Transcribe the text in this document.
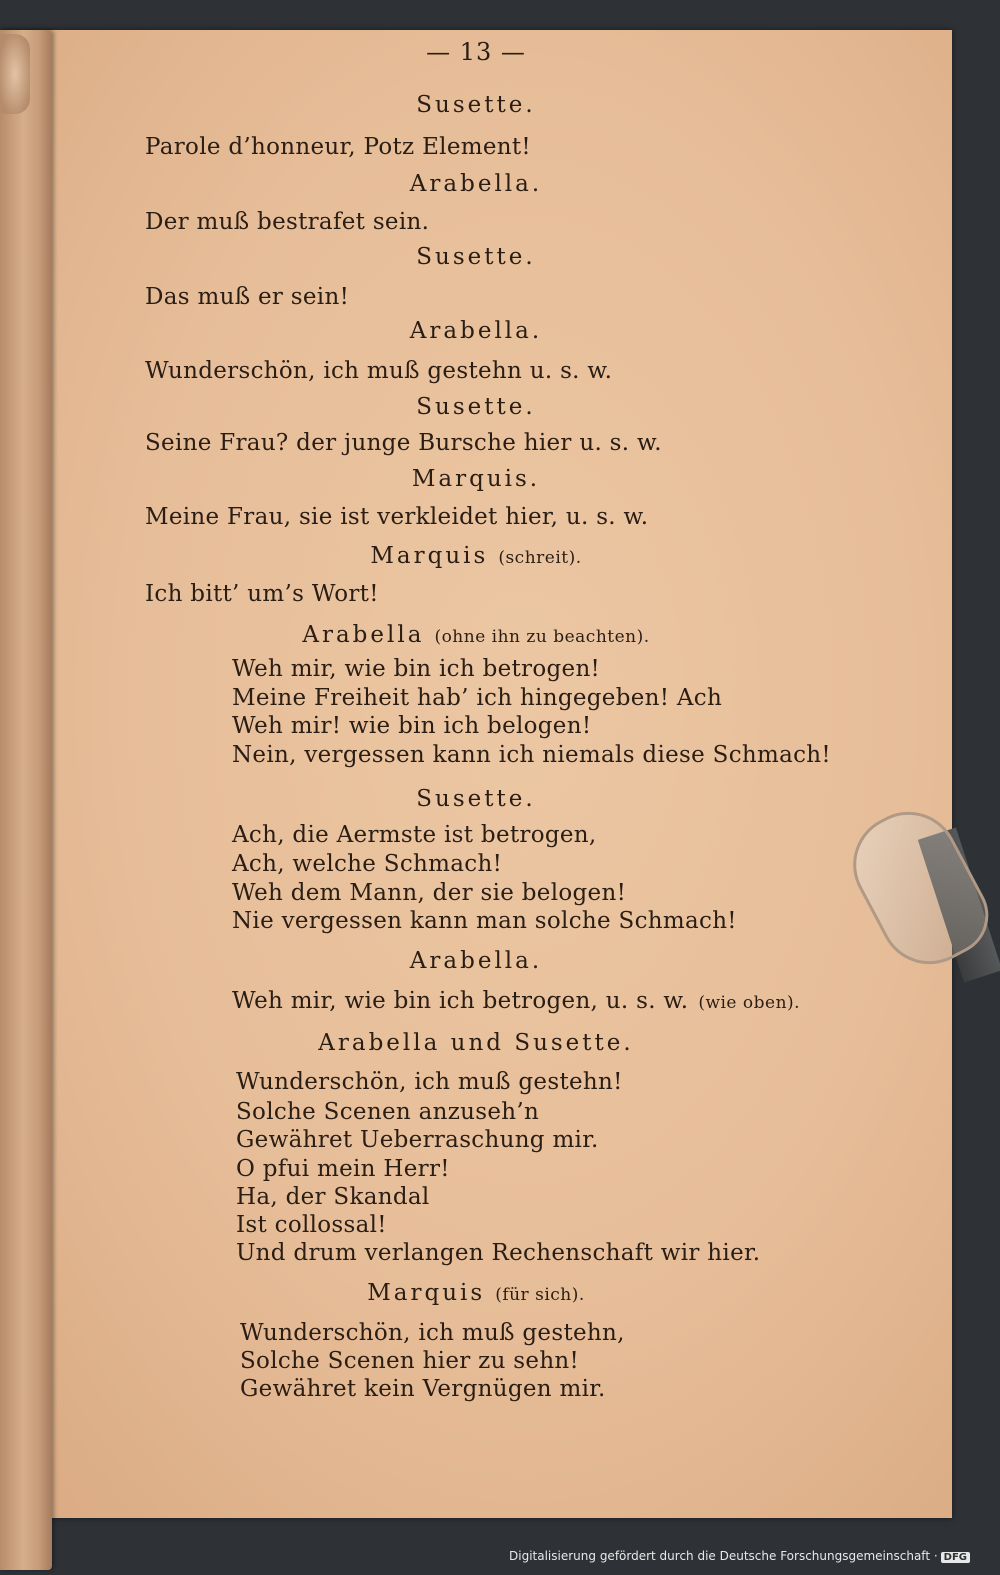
— 13 —

Susette.

Parole d’honneur, Potz Element!

Arabella.

Der muß bestrafet sein.

Susette.

Das muß er sein!

Arabella.

Wunderschön, ich muß gestehn u. s. w.

Susette.

Seine Frau? der junge Bursche hier u. s. w.

Marquis.

Meine Frau, sie ist verkleidet hier, u. s. w.

Marquis (schreit).

Ich bitt’ um’s Wort!

Arabella (ohne ihn zu beachten).

Weh mir, wie bin ich betrogen!

Meine Freiheit hab’ ich hingegeben! Ach

Weh mir! wie bin ich belogen!

Nein, vergessen kann ich niemals diese Schmach!

Susette.

Ach, die Aermste ist betrogen,

Ach, welche Schmach!

Weh dem Mann, der sie belogen!

Nie vergessen kann man solche Schmach!

Arabella.

Weh mir, wie bin ich betrogen, u. s. w. (wie oben).

Arabella und Susette.

Wunderschön, ich muß gestehn!

Solche Scenen anzuseh’n

Gewähret Ueberraschung mir.

O pfui mein Herr!

Ha, der Skandal

Ist collossal!

Und drum verlangen Rechenschaft wir hier.

Marquis (für sich).

Wunderschön, ich muß gestehn,

Solche Scenen hier zu sehn!

Gewähret kein Vergnügen mir.

Digitalisierung gefördert durch die Deutsche Forschungsgemeinschaft · DFG
